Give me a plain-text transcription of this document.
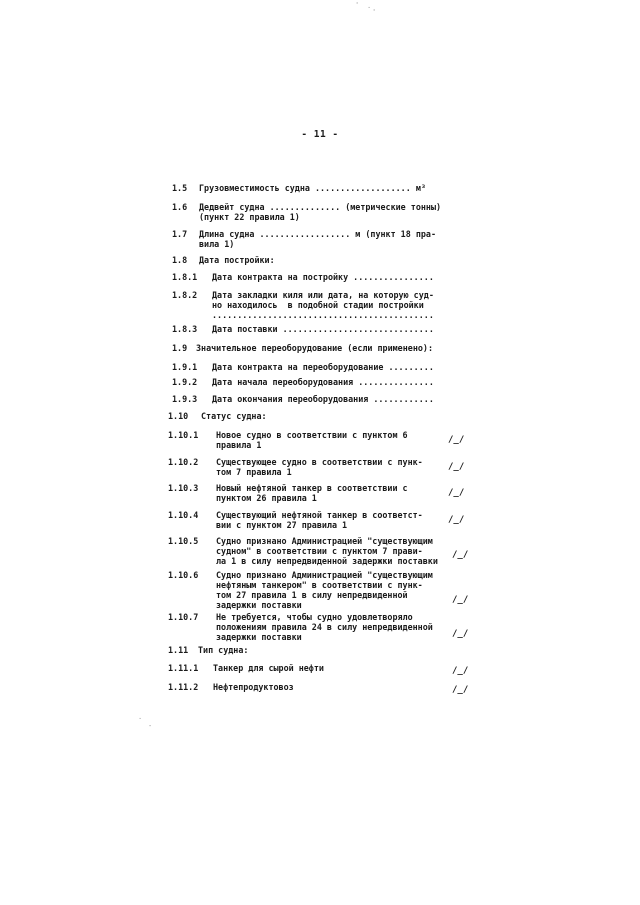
' · '
·
-
- 11 -
1.5 Грузовместимость судна ................... м³
1.6 Дедвейт судна .............. (метрические тонны)
(пункт 22 правила 1)
1.7 Длина судна .................. м (пункт 18 пра-
вила 1)
1.8 Дата постройки:
1.8.1 Дата контракта на постройку ................
1.8.2 Дата закладки киля или дата, на которую суд-
но находилось  в подобной стадии постройки
............................................
1.8.3 Дата поставки ..............................
1.9 Значительное переоборудование (если применено):
1.9.1 Дата контракта на переоборудование .........
1.9.2 Дата начала переоборудования ...............
1.9.3 Дата окончания переоборудования ............
1.10 Статус судна:
1.10.1 Новое судно в соответствии с пунктом 6
правила 1	/_/
1.10.2 Существующее судно в соответствии с пунк-
том 7 правила 1	/_/
1.10.3 Новый нефтяной танкер в соответствии с
пунктом 26 правила 1	/_/
1.10.4 Существующий нефтяной танкер в соответст-
вии с пунктом 27 правила 1	/_/
1.10.5 Судно признано Администрацией "существующим
судном" в соответствии с пунктом 7 прави-
ла 1 в силу непредвиденной задержки поставки
/_/
1.10.6 Судно признано Администрацией "существующим
нефтяным танкером" в соответствии с пунк-
том 27 правила 1 в силу непредвиденной
задержки поставки	/_/
1.10.7 Не требуется, чтобы судно удовлетворяло
положениям правила 24 в силу непредвиденной
задержки поставки	/_/
1.11 Тип судна:
1.11.1 Танкер для сырой нефти	/_/
1.11.2 Нефтепродуктовоз	/_/
